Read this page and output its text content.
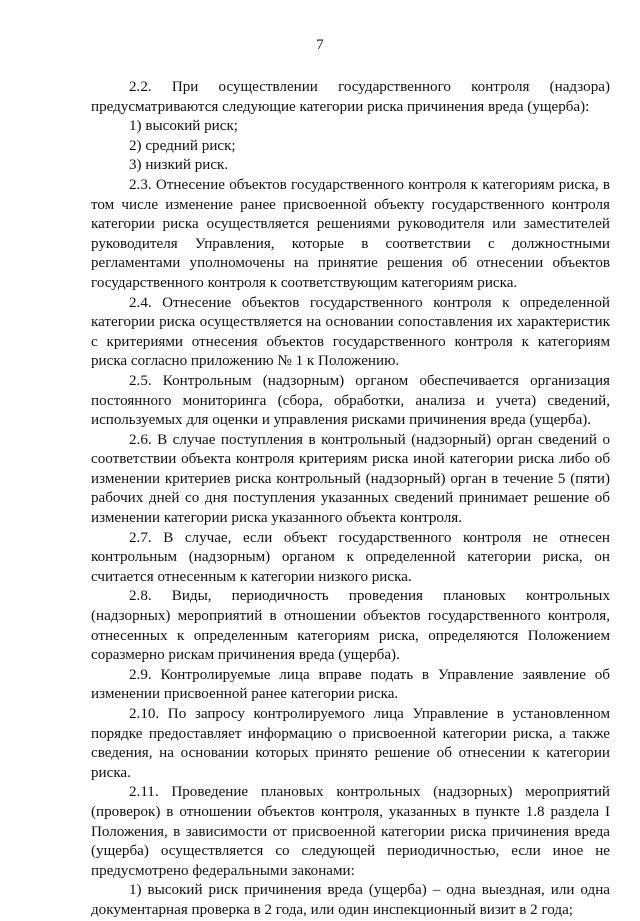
7

2.2. При осуществлении государственного контроля (надзора) предусматриваются следующие категории риска причинения вреда (ущерба):

1) высокий риск;

2) средний риск;

3) низкий риск.

2.3. Отнесение объектов государственного контроля к категориям риска, в том числе изменение ранее присвоенной объекту государственного контроля категории риска осуществляется решениями руководителя или заместителей руководителя Управления, которые в соответствии с должностными регламентами уполномочены на принятие решения об отнесении объектов государственного контроля к соответствующим категориям риска.

2.4. Отнесение объектов государственного контроля к определенной категории риска осуществляется на основании сопоставления их характеристик с критериями отнесения объектов государственного контроля к категориям риска согласно приложению № 1 к Положению.

2.5. Контрольным (надзорным) органом обеспечивается организация постоянного мониторинга (сбора, обработки, анализа и учета) сведений, используемых для оценки и управления рисками причинения вреда (ущерба).

2.6. В случае поступления в контрольный (надзорный) орган сведений о соответствии объекта контроля критериям риска иной категории риска либо об изменении критериев риска контрольный (надзорный) орган в течение 5 (пяти) рабочих дней со дня поступления указанных сведений принимает решение об изменении категории риска указанного объекта контроля.

2.7. В случае, если объект государственного контроля не отнесен контрольным (надзорным) органом к определенной категории риска, он считается отнесенным к категории низкого риска.

2.8. Виды, периодичность проведения плановых контрольных (надзорных) мероприятий в отношении объектов государственного контроля, отнесенных к определенным категориям риска, определяются Положением соразмерно рискам причинения вреда (ущерба).

2.9. Контролируемые лица вправе подать в Управление заявление об изменении присвоенной ранее категории риска.

2.10. По запросу контролируемого лица Управление в установленном порядке предоставляет информацию о присвоенной категории риска, а также сведения, на основании которых принято решение об отнесении к категории риска.

2.11. Проведение плановых контрольных (надзорных) мероприятий (проверок) в отношении объектов контроля, указанных в пункте 1.8 раздела I Положения, в зависимости от присвоенной категории риска причинения вреда (ущерба) осуществляется со следующей периодичностью, если иное не предусмотрено федеральными законами:

1) высокий риск причинения вреда (ущерба) – одна выездная, или одна документарная проверка в 2 года, или один инспекционный визит в 2 года;
